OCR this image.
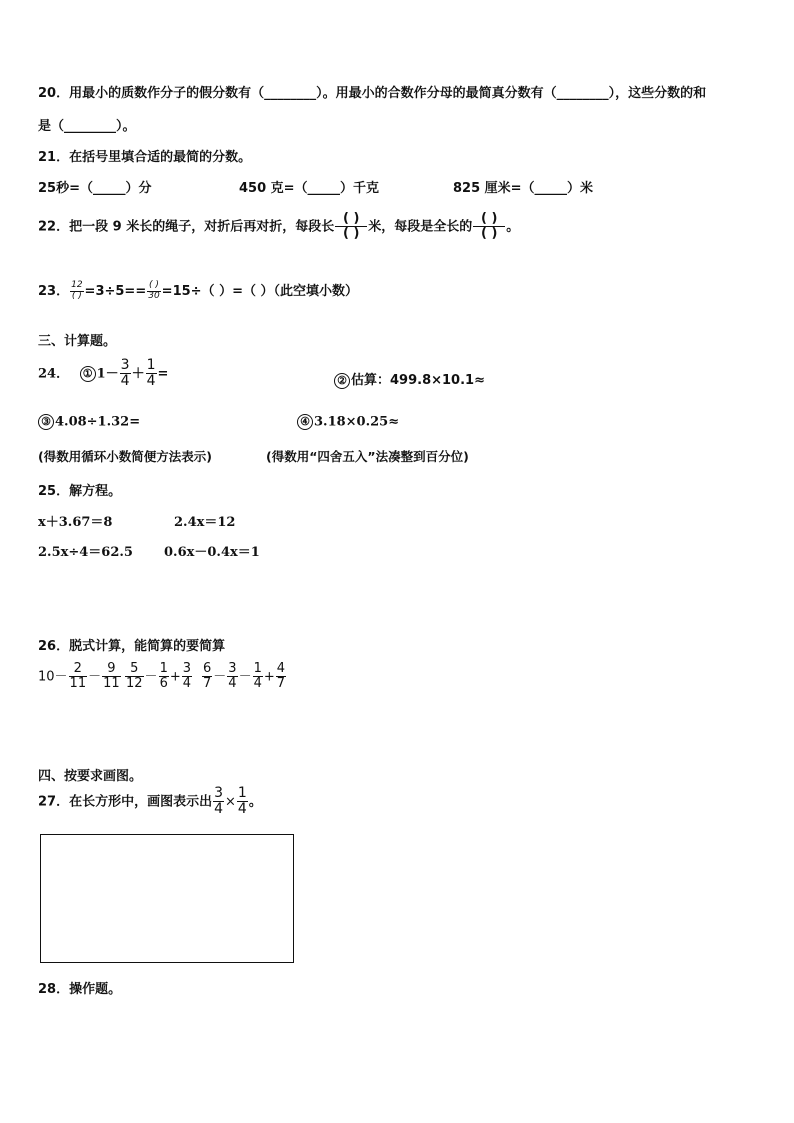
20．用最小的质数作分子的假分数有（________）。用最小的合数作分母的最简真分数有（________），这些分数的和
是（________）。
21．在括号里填合适的最简的分数。
25秒=（_____）分	450 克=（_____）千克	825 厘米=（_____）米
22．把一段 9 米长的绳子，对折后再对折，每段长 $\frac{( )}{( )}$ 米，每段是全长的 $\frac{( )}{( )}$ 。
23． $\frac{12}{( )} =3\div 5== \frac{( )}{30} =15\div$（ ）=（ ）（此空填小数）
三、计算题。
24． ① $1- \frac{3}{4} + \frac{1}{4}$ =	② 估算：499.8×10.1≈
③ 4.08÷1.32=	④ 3.18×0.25≈
(得数用循环小数简便方法表示)	(得数用“四舍五入”法凑整到百分位)
25．解方程。
x＋3.67＝8	2.4x＝12
2.5x÷4＝62.5 0.6x－0.4x＝1
26．脱式计算，能简算的要简算
$10- \frac{2}{11} - \frac{9}{11} \frac{5}{12} - \frac{1}{6} + \frac{3}{4} \frac{6}{7} - \frac{3}{4} - \frac{1}{4} + \frac{4}{7}$
四、按要求画图。
27．在长方形中，画图表示出 $\frac{3}{4} \times \frac{1}{4}$ 。
28．操作题。
